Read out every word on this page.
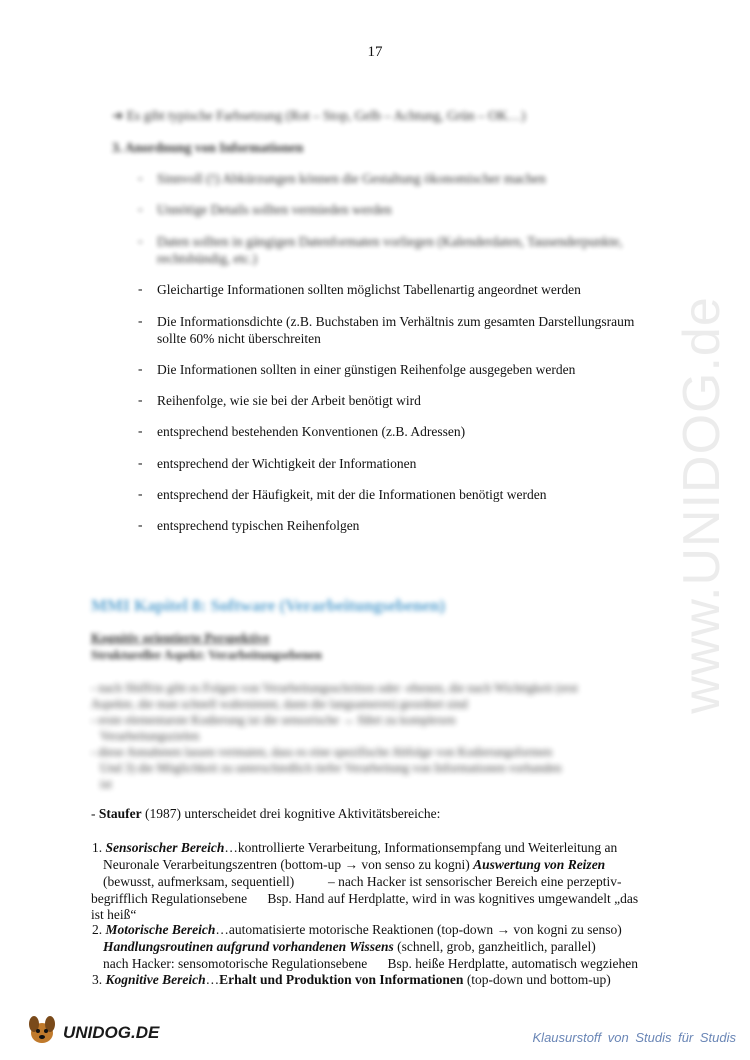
www.UNIDOG.de
17
➜ Es gibt typische Farbsetzung (Rot – Stop, Gelb – Achtung, Grün – OK…)
3. Anordnung von Informationen
- Sinnvoll (!) Abkürzungen können die Gestaltung ökonomischer machen
- Unnötige Details sollten vermieden werden
- Daten sollten in gängigen Datenformaten vorliegen (Kalenderdaten, Tausenderpunkte,
rechtsbündig, etc.)
- Gleichartige Informationen sollten möglichst Tabellenartig angeordnet werden
- Die Informationsdichte (z.B. Buchstaben im Verhältnis zum gesamten Darstellungsraum
sollte 60% nicht überschreiten
- Die Informationen sollten in einer günstigen Reihenfolge ausgegeben werden
- Reihenfolge, wie sie bei der Arbeit benötigt wird
- entsprechend bestehenden Konventionen (z.B. Adressen)
- entsprechend der Wichtigkeit der Informationen
- entsprechend der Häufigkeit, mit der die Informationen benötigt werden
- entsprechend typischen Reihenfolgen
MMI Kapitel 8: Software (Verarbeitungsebenen)
Kognitiv orientierte Perspektive
Struktureller Aspekt: Verarbeitungsebenen
- nach Shiffrin gibt es Folgen von Verarbeitungsschritten oder -ebenen, die nach Wichtigkeit (erst
Aspekte, die man schnell wahrnimmt, dann die langsameren) geordnet sind
- erste elementarste Kodierung ist die sensorische → führt zu komplexen
Verarbeitungszielen
- diese Annahmen lassen vermuten, dass es eine spezifische Abfolge von Kodierungsformen
Und 3) die Möglichkeit zu unterschiedlich tiefer Verarbeitung von Informationen vorhanden
ist
- Staufer (1987) unterscheidet drei kognitive Aktivitätsbereiche:
1. Sensorischer Bereich…kontrollierte Verarbeitung, Informationsempfang und Weiterleitung an
Neuronale Verarbeitungszentren (bottom-up → von senso zu kogni) Auswertung von Reizen
(bewusst, aufmerksam, sequentiell)          – nach Hacker ist sensorischer Bereich eine perzeptiv-
begrifflich Regulationsebene      Bsp. Hand auf Herdplatte, wird in was kognitives umgewandelt „das
ist heiß“
2. Motorische Bereich…automatisierte motorische Reaktionen (top-down → von kogni zu senso)
Handlungsroutinen aufgrund vorhandenen Wissens (schnell, grob, ganzheitlich, parallel)
nach Hacker: sensomotorische Regulationsebene      Bsp. heiße Herdplatte, automatisch wegziehen
3. Kognitive Bereich…Erhalt und Produktion von Informationen (top-down und bottom-up)
UNIDOG.DE	Klausurstoff von Studis für Studis
